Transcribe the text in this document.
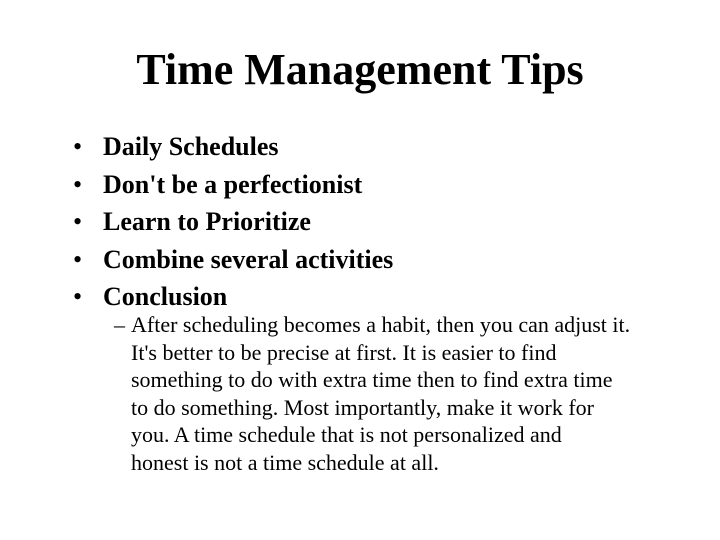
Time Management Tips
• Daily Schedules
• Don't be a perfectionist
• Learn to Prioritize
• Combine several activities
• Conclusion
– After scheduling becomes a habit, then you can adjust it.
It's better to be precise at first. It is easier to find
something to do with extra time then to find extra time
to do something. Most importantly, make it work for
you. A time schedule that is not personalized and
honest is not a time schedule at all.
